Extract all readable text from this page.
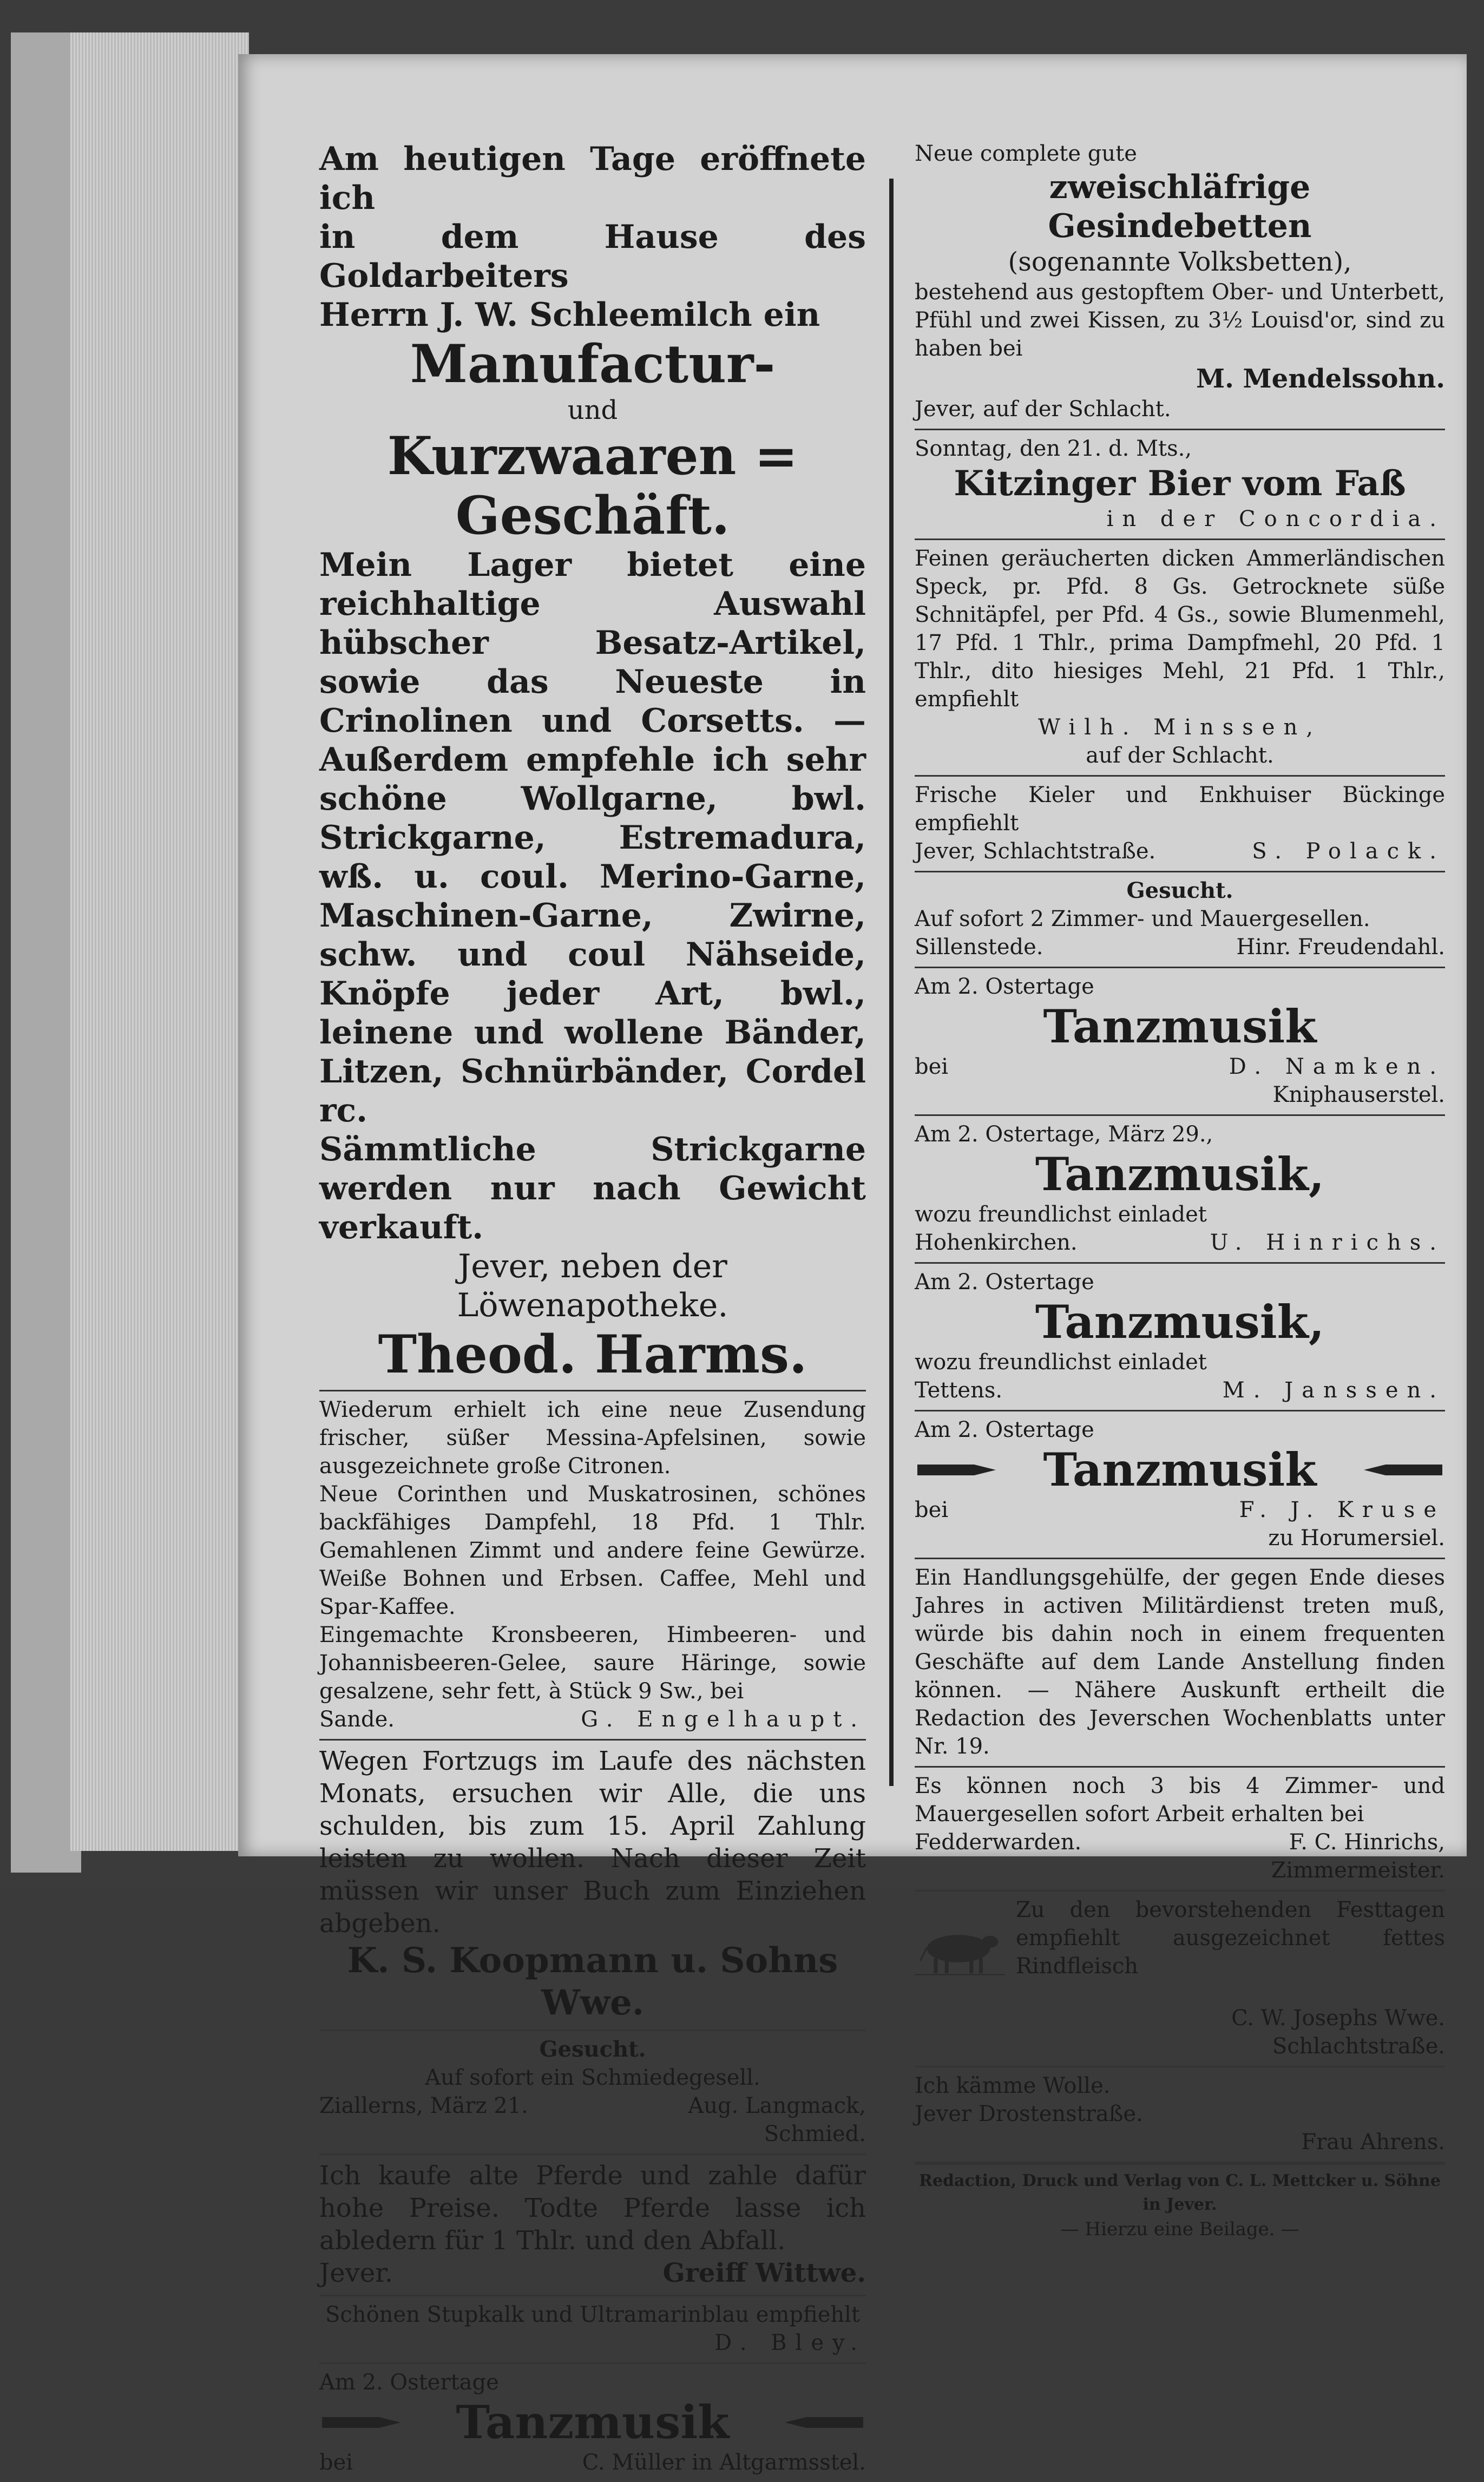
Am heutigen Tage eröffnete ich
in dem Hause des Goldarbeiters
Herrn J. W. Schleemilch ein
Manufactur-
und
Kurzwaaren = Geschäft.
Mein Lager bietet eine reichhaltige Auswahl hübscher Besatz-Artikel, sowie das Neueste in Crinolinen und Corsetts. — Außerdem empfehle ich sehr schöne Wollgarne, bwl. Strickgarne, Estremadura, wß. u. coul. Merino-Garne, Maschinen-Garne, Zwirne, schw. und coul Nähseide, Knöpfe jeder Art, bwl., leinene und wollene Bänder, Litzen, Schnürbänder, Cordel rc.
Sämmtliche Strickgarne werden nur nach Gewicht verkauft.
Jever, neben der Löwenapotheke.
Theod. Harms.
Wiederum erhielt ich eine neue Zusendung frischer, süßer Messina-Apfelsinen, sowie ausgezeichnete große Citronen.
Neue Corinthen und Muskatrosinen, schönes backfähiges Dampfehl, 18 Pfd. 1 Thlr. Gemahlenen Zimmt und andere feine Gewürze. Weiße Bohnen und Erbsen. Caffee, Mehl und Spar-Kaffee.
Eingemachte Kronsbeeren, Himbeeren- und Johannisbeeren-Gelee, saure Häringe, sowie gesalzene, sehr fett, à Stück 9 Sw., bei
Sande.	G. Engelhaupt.
Wegen Fortzugs im Laufe des nächsten Monats, ersuchen wir Alle, die uns schulden, bis zum 15. April Zahlung leisten zu wollen. Nach dieser Zeit müssen wir unser Buch zum Einziehen abgeben.
K. S. Koopmann u. Sohns Wwe.
Gesucht.
Auf sofort ein Schmiedegesell.
Ziallerns, März 21.	Aug. Langmack,
Schmied.
Ich kaufe alte Pferde und zahle dafür hohe Preise. Todte Pferde lasse ich abledern für 1 Thlr. und den Abfall.
Jever.	Greiff Wittwe.
Schönen Stupkalk und Ultramarinblau empfiehlt
D. Bley.
Am 2. Ostertage
Tanzmusik
bei	C. Müller in Altgarmsstel.
Neue complete gute
zweischläfrige Gesindebetten
(sogenannte Volksbetten),
bestehend aus gestopftem Ober- und Unterbett, Pfühl und zwei Kissen, zu 3½ Louisd'or, sind zu haben bei
M. Mendelssohn.
Jever, auf der Schlacht.
Sonntag, den 21. d. Mts.,
Kitzinger Bier vom Faß
in der Concordia.
Feinen geräucherten dicken Ammerländischen Speck, pr. Pfd. 8 Gs. Getrocknete süße Schnitäpfel, per Pfd. 4 Gs., sowie Blumenmehl, 17 Pfd. 1 Thlr., prima Dampfmehl, 20 Pfd. 1 Thlr., dito hiesiges Mehl, 21 Pfd. 1 Thlr., empfiehlt
Wilh. Minssen,
auf der Schlacht.
Frische Kieler und Enkhuiser Bückinge empfiehlt
Jever, Schlachtstraße.	S. Polack.
Gesucht.
Auf sofort 2 Zimmer- und Mauergesellen.
Sillenstede.	Hinr. Freudendahl.
Am 2. Ostertage
Tanzmusik
bei	D. Namken.
Kniphauserstel.
Am 2. Ostertage, März 29.,
Tanzmusik,
wozu freundlichst einladet
Hohenkirchen.	U. Hinrichs.
Am 2. Ostertage
Tanzmusik,
wozu freundlichst einladet
Tettens.	M. Janssen.
Am 2. Ostertage
Tanzmusik
bei	F. J. Kruse
zu Horumersiel.
Ein Handlungsgehülfe, der gegen Ende dieses Jahres in activen Militärdienst treten muß, würde bis dahin noch in einem frequenten Geschäfte auf dem Lande Anstellung finden können. — Nähere Auskunft ertheilt die Redaction des Jeverschen Wochenblatts unter Nr. 19.
Es können noch 3 bis 4 Zimmer- und Mauergesellen sofort Arbeit erhalten bei
Fedderwarden.	F. C. Hinrichs,
Zimmermeister.
Zu den bevorstehenden Festtagen empfiehlt ausgezeichnet fettes Rindfleisch
C. W. Josephs Wwe.
Schlachtstraße.
Ich kämme Wolle.
Jever Drostenstraße.
Frau Ahrens.
Redaction, Druck und Verlag von C. L. Mettcker u. Söhne in Jever.
— Hierzu eine Beilage. —
